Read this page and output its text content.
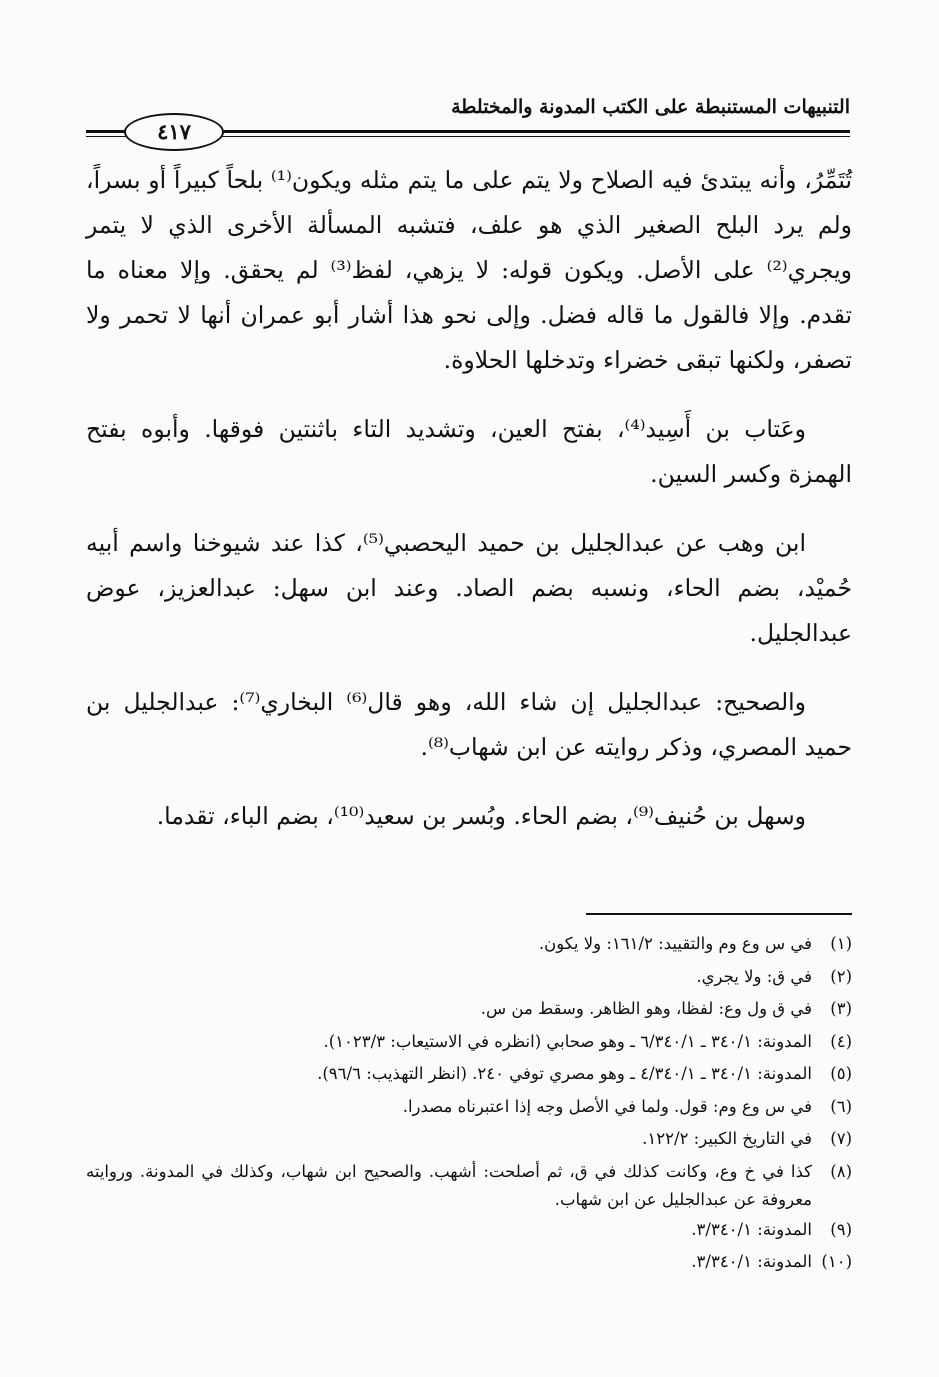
التنبيهات المستنبطة على الكتب المدونة والمختلطة
٤١٧

تُتَمِّرُ، وأنه يبتدئ فيه الصلاح ولا يتم على ما يتم مثله ويكون⁽¹⁾ بلحاً كبيراً أو بسراً، ولم يرد البلح الصغير الذي هو علف، فتشبه المسألة الأخرى الذي لا يتمر ويجري⁽²⁾ على الأصل. ويكون قوله: لا يزهي، لفظ⁽³⁾ لم يحقق. وإلا معناه ما تقدم. وإلا فالقول ما قاله فضل. وإلى نحو هذا أشار أبو عمران أنها لا تحمر ولا تصفر، ولكنها تبقى خضراء وتدخلها الحلاوة.

وعَتاب بن أَسِيد⁽⁴⁾، بفتح العين، وتشديد التاء باثنتين فوقها. وأبوه بفتح الهمزة وكسر السين.

ابن وهب عن عبدالجليل بن حميد اليحصبي⁽⁵⁾، كذا عند شيوخنا واسم أبيه حُميْد، بضم الحاء، ونسبه بضم الصاد. وعند ابن سهل: عبدالعزيز، عوض عبدالجليل.

والصحيح: عبدالجليل إن شاء الله، وهو قال⁽⁶⁾ البخاري⁽⁷⁾: عبدالجليل بن حميد المصري، وذكر روايته عن ابن شهاب⁽⁸⁾.

وسهل بن حُنيف⁽⁹⁾، بضم الحاء. وبُسر بن سعيد⁽¹⁰⁾، بضم الباء، تقدما.

(١)
في س وع وم والتقييد: ١٦١/٢: ولا يكون.
(٢)
في ق: ولا يجري.
(٣)
في ق ول وع: لفظا، وهو الظاهر. وسقط من س.
(٤)
المدونة: ٣٤٠/١ ـ ٦/٣٤٠/١ ـ وهو صحابي (انظره في الاستيعاب: ١٠٢٣/٣).
(٥)
المدونة: ٣٤٠/١ ـ ٤/٣٤٠/١ ـ وهو مصري توفي ٢٤٠. (انظر التهذيب: ٩٦/٦).
(٦)
في س وع وم: قول. ولما في الأصل وجه إذا اعتبرناه مصدرا.
(٧)
في التاريخ الكبير: ١٢٢/٢.
(٨)
كذا في خ وع، وكانت كذلك في ق، ثم أصلحت: أشهب. والصحيح ابن شهاب، وكذلك في المدونة. وروايته معروفة عن عبدالجليل عن ابن شهاب.
(٩)
المدونة: ٣/٣٤٠/١.
(١٠)
المدونة: ٣/٣٤٠/١.
